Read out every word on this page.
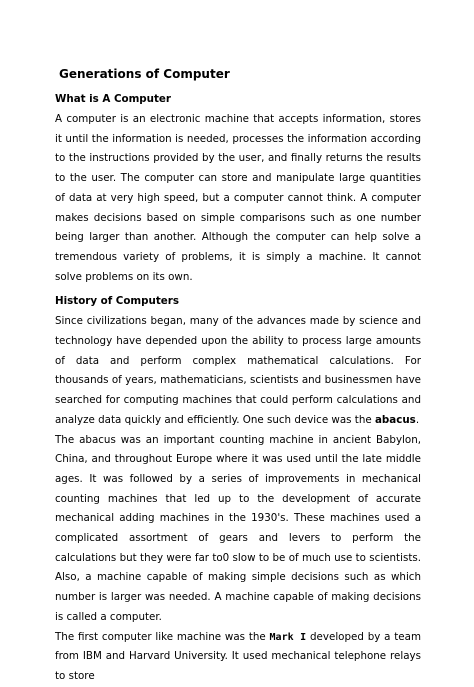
Generations of Computer
What is A Computer

A computer is an electronic machine that accepts information, stores it until the information is needed, processes the information according to the instructions provided by the user, and finally returns the results to the user. The computer can store and manipulate large quantities of data at very high speed, but a computer cannot think. A computer makes decisions based on simple comparisons such as one number being larger than another. Although the computer can help solve a tremendous variety of problems, it is simply a machine. It cannot solve problems on its own.

History of Computers

Since civilizations began, many of the advances made by science and technology have depended upon the ability to process large amounts of data and perform complex mathematical calculations. For thousands of years, mathematicians, scientists and businessmen have searched for computing machines that could perform calculations and analyze data quickly and efficiently. One such device was the abacus.

The abacus was an important counting machine in ancient Babylon, China, and throughout Europe where it was used until the late middle ages. It was followed by a series of improvements in mechanical counting machines that led up to the development of accurate mechanical adding machines in the 1930's. These machines used a complicated assortment of gears and levers to perform the calculations but they were far to0 slow to be of much use to scientists. Also, a machine capable of making simple decisions such as which number is larger was needed. A machine capable of making decisions is called a computer.

The first computer like machine was the Mark I developed by a team from IBM and Harvard University. It used mechanical telephone relays to store
